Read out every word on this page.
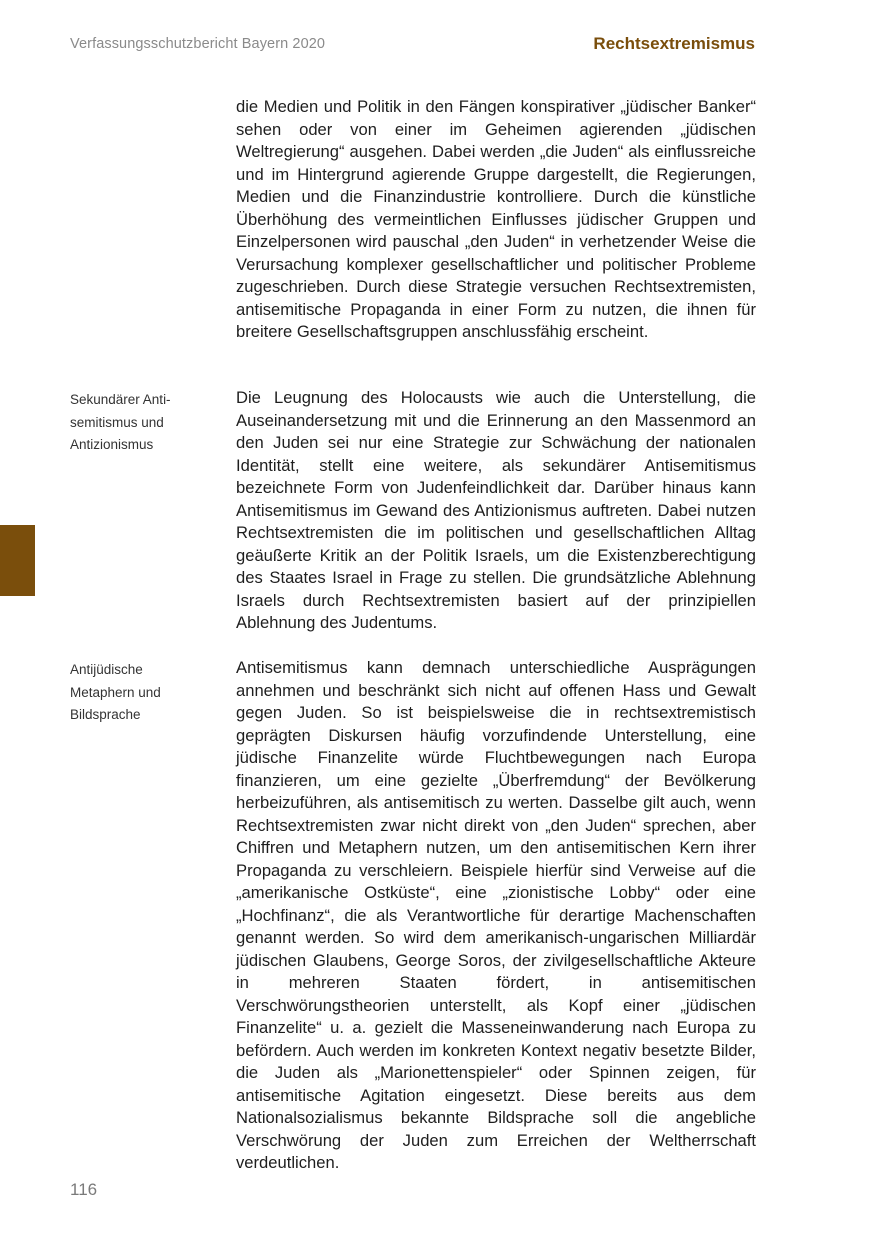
Verfassungsschutzbericht Bayern 2020	Rechtsextremismus

die Medien und Politik in den Fängen konspirativer „jüdischer Banker“ sehen oder von einer im Geheimen agierenden „jüdischen Weltregierung“ ausgehen. Dabei werden „die Juden“ als einflussreiche und im Hintergrund agierende Gruppe dargestellt, die Regierungen, Medien und die Finanzindustrie kontrolliere. Durch die künstliche Überhöhung des vermeintlichen Einflusses jüdischer Gruppen und Einzelpersonen wird pauschal „den Juden“ in verhetzender Weise die Verursachung komplexer gesellschaftlicher und politischer Probleme zugeschrieben. Durch diese Strategie versuchen Rechtsextremisten, antisemitische Propaganda in einer Form zu nutzen, die ihnen für breitere Gesellschaftsgruppen anschlussfähig erscheint.

Sekundärer Anti-
semitismus und
Antizionismus

Die Leugnung des Holocausts wie auch die Unterstellung, die Auseinandersetzung mit und die Erinnerung an den Massenmord an den Juden sei nur eine Strategie zur Schwächung der nationalen Identität, stellt eine weitere, als sekundärer Antisemitismus bezeichnete Form von Judenfeindlichkeit dar. Darüber hinaus kann Antisemitismus im Gewand des Antizionismus auftreten. Dabei nutzen Rechtsextremisten die im politischen und gesellschaftlichen Alltag geäußerte Kritik an der Politik Israels, um die Existenzberechtigung des Staates Israel in Frage zu stellen. Die grundsätzliche Ablehnung Israels durch Rechtsextremisten basiert auf der prinzipiellen Ablehnung des Judentums.

Antijüdische
Metaphern und
Bildsprache

Antisemitismus kann demnach unterschiedliche Ausprägungen annehmen und beschränkt sich nicht auf offenen Hass und Gewalt gegen Juden. So ist beispielsweise die in rechtsextremistisch geprägten Diskursen häufig vorzufindende Unterstellung, eine jüdische Finanzelite würde Fluchtbewegungen nach Europa finanzieren, um eine gezielte „Überfremdung“ der Bevölkerung herbeizuführen, als antisemitisch zu werten. Dasselbe gilt auch, wenn Rechtsextremisten zwar nicht direkt von „den Juden“ sprechen, aber Chiffren und Metaphern nutzen, um den antisemitischen Kern ihrer Propaganda zu verschleiern. Beispiele hierfür sind Verweise auf die „amerikanische Ostküste“, eine „zionistische Lobby“ oder eine „Hochfinanz“, die als Verantwortliche für derartige Machenschaften genannt werden. So wird dem amerikanisch-ungarischen Milliardär jüdischen Glaubens, George Soros, der zivilgesellschaftliche Akteure in mehreren Staaten fördert, in antisemitischen Verschwörungstheorien unterstellt, als Kopf einer „jüdischen Finanzelite“ u. a. gezielt die Masseneinwanderung nach Europa zu befördern. Auch werden im konkreten Kontext negativ besetzte Bilder, die Juden als „Marionettenspieler“ oder Spinnen zeigen, für antisemitische Agitation eingesetzt. Diese bereits aus dem Nationalsozialismus bekannte Bildsprache soll die angebliche Verschwörung der Juden zum Erreichen der Weltherrschaft verdeutlichen.

116
